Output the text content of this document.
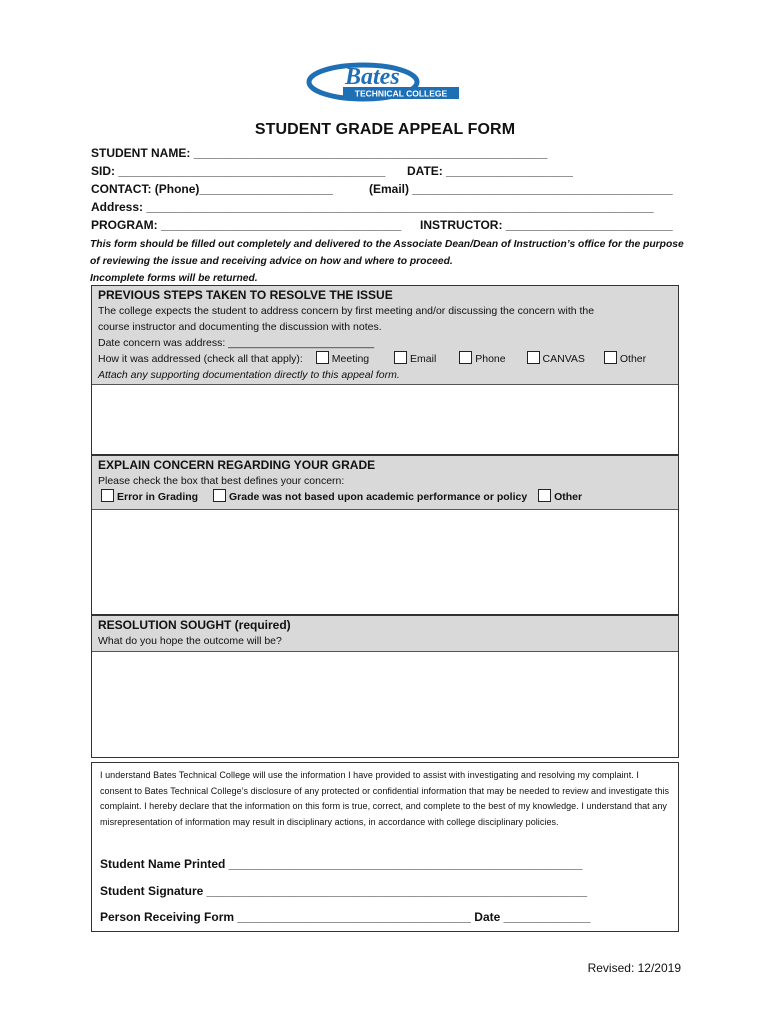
TECHNICAL COLLEGE
Bates
STUDENT GRADE APPEAL FORM
STUDENT NAME: _____________________________________________________
SID: ________________________________________ DATE: ___________________
CONTACT: (Phone)____________________	(Email) _______________________________________
Address: ____________________________________________________________________________
PROGRAM: ____________________________________ INSTRUCTOR: _________________________
This form should be filled out completely and delivered to the Associate Dean/Dean of Instruction’s office for the purpose of reviewing the issue and receiving advice on how and where to proceed.
Incomplete forms will be returned.
PREVIOUS STEPS TAKEN TO RESOLVE THE ISSUE
The college expects the student to address concern by first meeting and/or discussing the concern with the
course instructor and documenting the discussion with notes.
Date concern was address: _________________________
How it was addressed (check all that apply):	Meeting	Email	Phone	CANVAS	Other
Attach any supporting documentation directly to this appeal form.
EXPLAIN CONCERN REGARDING YOUR GRADE
Please check the box that best defines your concern:
Error in Grading	Grade was not based upon academic performance or policy	Other
RESOLUTION SOUGHT (required)
What do you hope the outcome will be?
I understand Bates Technical College will use the information I have provided to assist with investigating and resolving my complaint. I consent to Bates Technical College’s disclosure of any protected or confidential information that may be needed to review and investigate this complaint. I hereby declare that the information on this form is true, correct, and complete to the best of my knowledge. I understand that any misrepresentation of information may result in disciplinary actions, in accordance with college disciplinary policies.
Student Name Printed _____________________________________________________
Student Signature _________________________________________________________
Person Receiving Form ___________________________________ Date _____________
Revised: 12/2019
